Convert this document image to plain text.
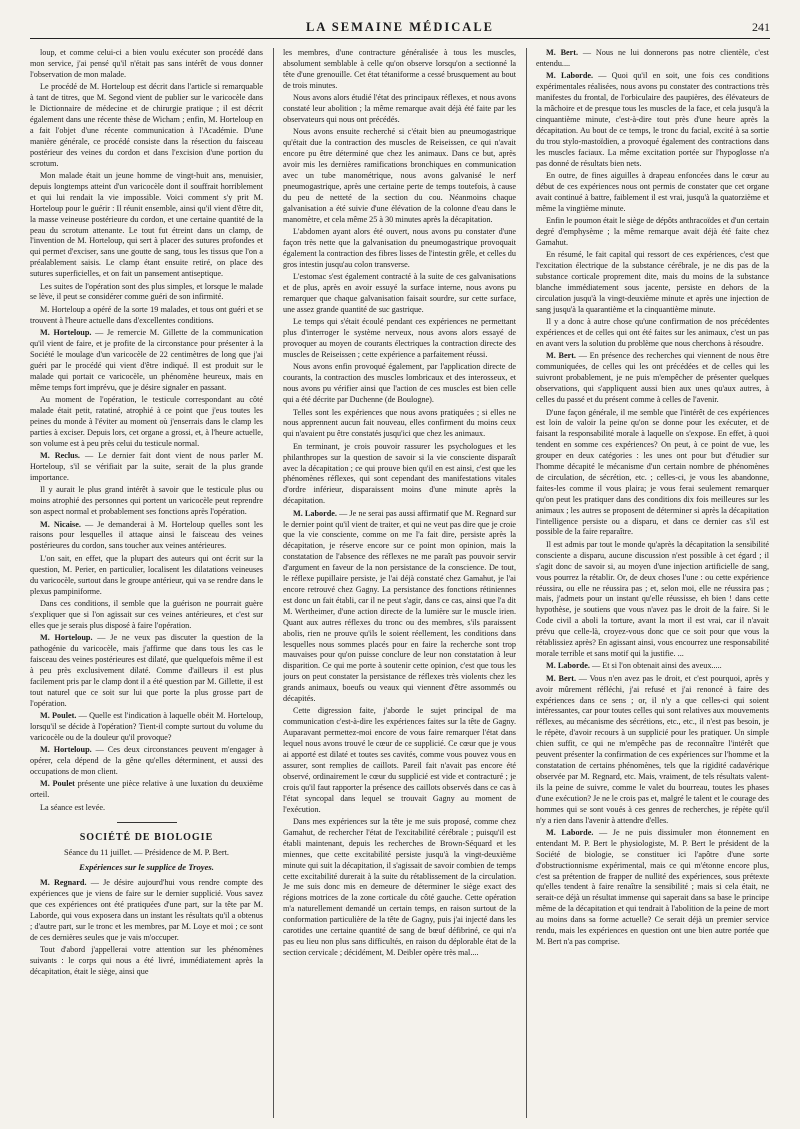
LA SEMAINE MÉDICALE	241

loup, et comme celui-ci a bien voulu exécuter son procédé dans mon service, j'ai pensé qu'il n'était pas sans intérêt de vous donner l'observation de mon malade.

Le procédé de M. Horteloup est décrit dans l'article si remarquable à tant de titres, que M. Segond vient de publier sur le varicocèle dans le Dictionnaire de médecine et de chirurgie pratique ; il est décrit également dans une récente thèse de Wicham ; enfin, M. Horteloup en a fait l'objet d'une récente communication à l'Académie. D'une manière générale, ce procédé consiste dans la résection du faisceau postérieur des veines du cordon et dans l'excision d'une portion du scrotum.

Mon malade était un jeune homme de vingt-huit ans, menuisier, depuis longtemps atteint d'un varicocèle dont il souffrait horriblement et qui lui rendait la vie impossible. Voici comment s'y prit M. Horteloup pour le guérir : Il réunit ensemble, ainsi qu'il vient d'être dit, la masse veineuse postérieure du cordon, et une certaine quantité de la peau du scrotum attenante. Le tout fut étreint dans un clamp, de l'invention de M. Horteloup, qui sert à placer des sutures profondes et qui permet d'exciser, sans une goutte de sang, tous les tissus que l'on a préalablement saisis. Le clamp étant ensuite retiré, on place des sutures superficielles, et on fait un pansement antiseptique.

Les suites de l'opération sont des plus simples, et lorsque le malade se lève, il peut se considérer comme guéri de son infirmité.

M. Horteloup a opéré de la sorte 19 malades, et tous ont guéri et se trouvent à l'heure actuelle dans d'excellentes conditions.

M. Horteloup. — Je remercie M. Gillette de la communication qu'il vient de faire, et je profite de la circonstance pour présenter à la Société le moulage d'un varicocèle de 22 centimètres de long que j'ai guéri par le procédé qui vient d'être indiqué. Il est produit sur le malade qui portait ce varicocèle, un phénomène heureux, mais en même temps fort imprévu, que je désire signaler en passant.

Au moment de l'opération, le testicule correspondant au côté malade était petit, ratatiné, atrophié à ce point que j'eus toutes les peines du monde à l'éviter au moment où j'enserrais dans le clamp les parties à exciser. Depuis lors, cet organe a grossi, et, à l'heure actuelle, son volume est à peu près celui du testicule normal.

M. Reclus. — Le dernier fait dont vient de nous parler M. Horteloup, s'il se vérifiait par la suite, serait de la plus grande importance.

Il y aurait le plus grand intérêt à savoir que le testicule plus ou moins atrophié des personnes qui portent un varicocèle peut reprendre son aspect normal et probablement ses fonctions après l'opération.

M. Nicaise. — Je demanderai à M. Horteloup quelles sont les raisons pour lesquelles il attaque ainsi le faisceau des veines postérieures du cordon, sans toucher aux veines antérieures.

L'on sait, en effet, que la plupart des auteurs qui ont écrit sur la question, M. Perier, en particulier, localisent les dilatations veineuses du varicocèle, surtout dans le groupe antérieur, qui va se rendre dans le plexus pampiniforme.

Dans ces conditions, il semble que la guérison ne pourrait guère s'expliquer que si l'on agissait sur ces veines antérieures, et c'est sur elles que je serais plus disposé à faire l'opération.

M. Horteloup. — Je ne veux pas discuter la question de la pathogénie du varicocèle, mais j'affirme que dans tous les cas le faisceau des veines postérieures est dilaté, que quelquefois même il est à peu près exclusivement dilaté. Comme d'ailleurs il est plus facilement pris par le clamp dont il a été question par M. Gillette, il est tout naturel que ce soit sur lui que porte la plus grosse part de l'opération.

M. Poulet. — Quelle est l'indication à laquelle obéit M. Horteloup, lorsqu'il se décide à l'opération? Tient-il compte surtout du volume du varicocèle ou de la douleur qu'il provoque?

M. Horteloup. — Ces deux circonstances peuvent m'engager à opérer, cela dépend de la gêne qu'elles déterminent, et aussi des occupations de mon client.

M. Poulet présente une pièce relative à une luxation du deuxième orteil.

La séance est levée.

SOCIÉTÉ DE BIOLOGIE

Séance du 11 juillet. — Présidence de M. P. Bert.

Expériences sur le supplice de Troyes.

M. Regnard. — Je désire aujourd'hui vous rendre compte des expériences que je viens de faire sur le dernier supplicié. Vous savez que ces expériences ont été pratiquées d'une part, sur la tête par M. Laborde, qui vous exposera dans un instant les résultats qu'il a obtenus ; d'autre part, sur le tronc et les membres, par M. Loye et moi ; ce sont de ces dernières seules que je vais m'occuper.

Tout d'abord j'appellerai votre attention sur les phénomènes suivants : le corps qui nous a été livré, immédiatement après la décapitation, était le siège, ainsi que

les membres, d'une contracture généralisée à tous les muscles, absolument semblable à celle qu'on observe lorsqu'on a sectionné la tête d'une grenouille. Cet état tétaniforme a cessé brusquement au bout de trois minutes.

Nous avons alors étudié l'état des principaux réflexes, et nous avons constaté leur abolition ; la même remarque avait déjà été faite par les observateurs qui nous ont précédés.

Nous avons ensuite recherché si c'était bien au pneumogastrique qu'était due la contraction des muscles de Reiseissen, ce qui n'avait encore pu être déterminé que chez les animaux. Dans ce but, après avoir mis les dernières ramifications bronchiques en communication avec un tube manométrique, nous avons galvanisé le nerf pneumogastrique, après une certaine perte de temps toutefois, à cause du peu de netteté de la section du cou. Néanmoins chaque galvanisation a été suivie d'une élévation de la colonne d'eau dans le manomètre, et cela même 25 à 30 minutes après la décapitation.

L'abdomen ayant alors été ouvert, nous avons pu constater d'une façon très nette que la galvanisation du pneumogastrique provoquait également la contraction des fibres lisses de l'intestin grêle, et celles du gros intestin jusqu'au colon transverse.

L'estomac s'est également contracté à la suite de ces galvanisations et de plus, après en avoir essuyé la surface interne, nous avons pu remarquer que chaque galvanisation faisait sourdre, sur cette surface, une assez grande quantité de suc gastrique.

Le temps qui s'était écoulé pendant ces expériences ne permettant plus d'interroger le système nerveux, nous avons alors essayé de provoquer au moyen de courants électriques la contraction directe des muscles de Reiseissen ; cette expérience a parfaitement réussi.

Nous avons enfin provoqué également, par l'application directe de courants, la contraction des muscles lombricaux et des interosseux, et nous avons pu vérifier ainsi que l'action de ces muscles est bien celle qui a été décrite par Duchenne (de Boulogne).

Telles sont les expériences que nous avons pratiquées ; si elles ne nous apprennent aucun fait nouveau, elles confirment du moins ceux qui n'avaient pu être constatés jusqu'ici que chez les animaux.

En terminant, je crois pouvoir rassurer les psychologues et les philanthropes sur la question de savoir si la vie consciente disparaît avec la décapitation ; ce qui prouve bien qu'il en est ainsi, c'est que les phénomènes réflexes, qui sont cependant des manifestations vitales d'ordre inférieur, disparaissent moins d'une minute après la décapitation.

M. Laborde. — Je ne serai pas aussi affirmatif que M. Regnard sur le dernier point qu'il vient de traiter, et qui ne veut pas dire que je croie que la vie consciente, comme on me l'a fait dire, persiste après la décapitation, je réserve encore sur ce point mon opinion, mais la constatation de l'absence des réflexes ne me paraît pas pouvoir servir d'argument en faveur de la non persistance de la conscience. De tout, le réflexe pupillaire persiste, je l'ai déjà constaté chez Gamahut, je l'ai encore retrouvé chez Gagny. La persistance des fonctions rétiniennes est donc un fait établi, car il ne peut s'agir, dans ce cas, ainsi que l'a dit M. Wertheimer, d'une action directe de la lumière sur le muscle irien. Quant aux autres réflexes du tronc ou des membres, s'ils paraissent abolis, rien ne prouve qu'ils le soient réellement, les conditions dans lesquelles nous sommes placés pour en faire la recherche sont trop mauvaises pour qu'on puisse conclure de leur non constatation à leur disparition. Ce qui me porte à soutenir cette opinion, c'est que tous les jours on peut constater la persistance de réflexes très violents chez les grands animaux, boeufs ou veaux qui viennent d'être assommés ou décapités.

Cette digression faite, j'aborde le sujet principal de ma communication c'est-à-dire les expériences faites sur la tête de Gagny. Auparavant permettez-moi encore de vous faire remarquer l'état dans lequel nous avons trouvé le cœur de ce supplicié. Ce cœur que je vous ai apporté est dilaté et toutes ses cavités, comme vous pouvez vous en assurer, sont remplies de caillots. Pareil fait n'avait pas encore été observé, ordinairement le cœur du supplicié est vide et contracturé ; je crois qu'il faut rapporter la présence des caillots observés dans ce cas à l'état syncopal dans lequel se trouvait Gagny au moment de l'exécution.

Dans mes expériences sur la tête je me suis proposé, comme chez Gamahut, de rechercher l'état de l'excitabilité cérébrale ; puisqu'il est établi maintenant, depuis les recherches de Brown-Séquard et les miennes, que cette excitabilité persiste jusqu'à la vingt-deuxième minute qui suit la décapitation, il s'agissait de savoir combien de temps cette excitabilité durerait à la suite du rétablissement de la circulation. Je me suis donc mis en demeure de déterminer le siège exact des régions motrices de la zone corticale du côté gauche. Cette opération m'a naturellement demandé un certain temps, en raison surtout de la conformation particulière de la tête de Gagny, puis j'ai injecté dans les carotides une certaine quantité de sang de bœuf défibriné, ce qui n'a pas eu lieu non plus sans difficultés, en raison du déplorable état de la section cervicale ; décidément, M. Deibler opère très mal....

M. Bert. — Nous ne lui donnerons pas notre clientèle, c'est entendu....

M. Laborde. — Quoi qu'il en soit, une fois ces conditions expérimentales réalisées, nous avons pu constater des contractions très manifestes du frontal, de l'orbiculaire des paupières, des élévateurs de la mâchoire et de presque tous les muscles de la face, et cela jusqu'à la cinquantième minute, c'est-à-dire tout près d'une heure après la décapitation. Au bout de ce temps, le tronc du facial, excité à sa sortie du trou stylo-mastoïdien, a provoqué également des contractions dans les muscles faciaux. La même excitation portée sur l'hypoglosse n'a pas donné de résultats bien nets.

En outre, de fines aiguilles à drapeau enfoncées dans le cœur au début de ces expériences nous ont permis de constater que cet organe avait continué à battre, faiblement il est vrai, jusqu'à la quatorzième et même la vingtième minute.

Enfin le poumon était le siège de dépôts anthracoïdes et d'un certain degré d'emphysème ; la même remarque avait déjà été faite chez Gamahut.

En résumé, le fait capital qui ressort de ces expériences, c'est que l'excitation électrique de la substance cérébrale, je ne dis pas de la substance corticale proprement dite, mais du moins de la substance blanche immédiatement sous jacente, persiste en dehors de la circulation jusqu'à la vingt-deuxième minute et après une injection de sang jusqu'à la quarantième et la cinquantième minute.

Il y a donc à autre chose qu'une confirmation de nos précédentes expériences et de celles qui ont été faites sur les animaux, c'est un pas en avant vers la solution du problème que nous cherchons à résoudre.

M. Bert. — En présence des recherches qui viennent de nous être communiquées, de celles qui les ont précédées et de celles qui les suivront probablement, je ne puis m'empêcher de présenter quelques observations, qui s'appliquent aussi bien aux unes qu'aux autres, à celles du passé et du présent comme à celles de l'avenir.

D'une façon générale, il me semble que l'intérêt de ces expériences est loin de valoir la peine qu'on se donne pour les exécuter, et de faisant la responsabilité morale à laquelle on s'expose. En effet, à quoi tendent en somme ces expériences? On peut, à ce point de vue, les grouper en deux catégories : les unes ont pour but d'étudier sur l'homme décapité le mécanisme d'un certain nombre de phénomènes de circulation, de sécrétion, etc. ; celles-ci, je vous les abandonne, faites-les comme il vous plaira; je vous ferai seulement remarquer qu'on peut les pratiquer dans des conditions dix fois meilleures sur les animaux ; les autres se proposent de déterminer si après la décapitation l'intelligence persiste ou a disparu, et dans ce dernier cas s'il est possible de la faire reparaître.

Il est admis par tout le monde qu'après la décapitation la sensibilité consciente a disparu, aucune discussion n'est possible à cet égard ; il s'agit donc de savoir si, au moyen d'une injection artificielle de sang, vous pourrez la rétablir. Or, de deux choses l'une : ou cette expérience réussira, ou elle ne réussira pas ; et, selon moi, elle ne réussira pas ; mais, j'admets pour un instant qu'elle réussisse, eh bien ! dans cette hypothèse, je soutiens que vous n'avez pas le droit de la faire. Si le Code civil a aboli la torture, avant la mort il est vrai, car il n'avait prévu que celle-là, croyez-vous donc que ce soit pour que vous la rétablissiez après? En agissant ainsi, vous encourrez une responsabilité morale terrible et sans motif qui la justifie. ...

M. Laborde. — Et si l'on obtenait ainsi des aveux.....

M. Bert. — Vous n'en avez pas le droit, et c'est pourquoi, après y avoir mûrement réfléchi, j'ai refusé et j'ai renoncé à faire des expériences dans ce sens ; or, il n'y a que celles-ci qui soient intéressantes, car pour toutes celles qui sont relatives aux mouvements réflexes, au mécanisme des sécrétions, etc., etc., il n'est pas besoin, je le répète, d'avoir recours à un supplicié pour les pratiquer. Un simple chien suffit, ce qui ne m'empêche pas de reconnaître l'intérêt que peuvent présenter la confirmation de ces expériences sur l'homme et la constatation de certains phénomènes, tels que la rigidité cadavérique observée par M. Regnard, etc. Mais, vraiment, de tels résultats valent-ils la peine de suivre, comme le valet du bourreau, toutes les phases d'une exécution? Je ne le crois pas et, malgré le talent et le courage des hommes qui se sont voués à ces genres de recherches, je répète qu'il n'y a rien dans l'avenir à attendre d'elles.

M. Laborde. — Je ne puis dissimuler mon étonnement en entendant M. P. Bert le physiologiste, M. P. Bert le président de la Société de biologie, se constituer ici l'apôtre d'une sorte d'obstructionnisme expérimental, mais ce qui m'étonne encore plus, c'est sa prétention de frapper de nullité des expériences, sous prétexte qu'elles tendent à faire renaître la sensibilité ; mais si cela était, ne serait-ce déjà un résultat immense qui saperait dans sa base le principe même de la décapitation et qui tendrait à l'abolition de la peine de mort au moins dans sa forme actuelle? Ce serait déjà un premier service rendu, mais les expériences en question ont une bien autre portée que M. Bert n'a pas comprise.
